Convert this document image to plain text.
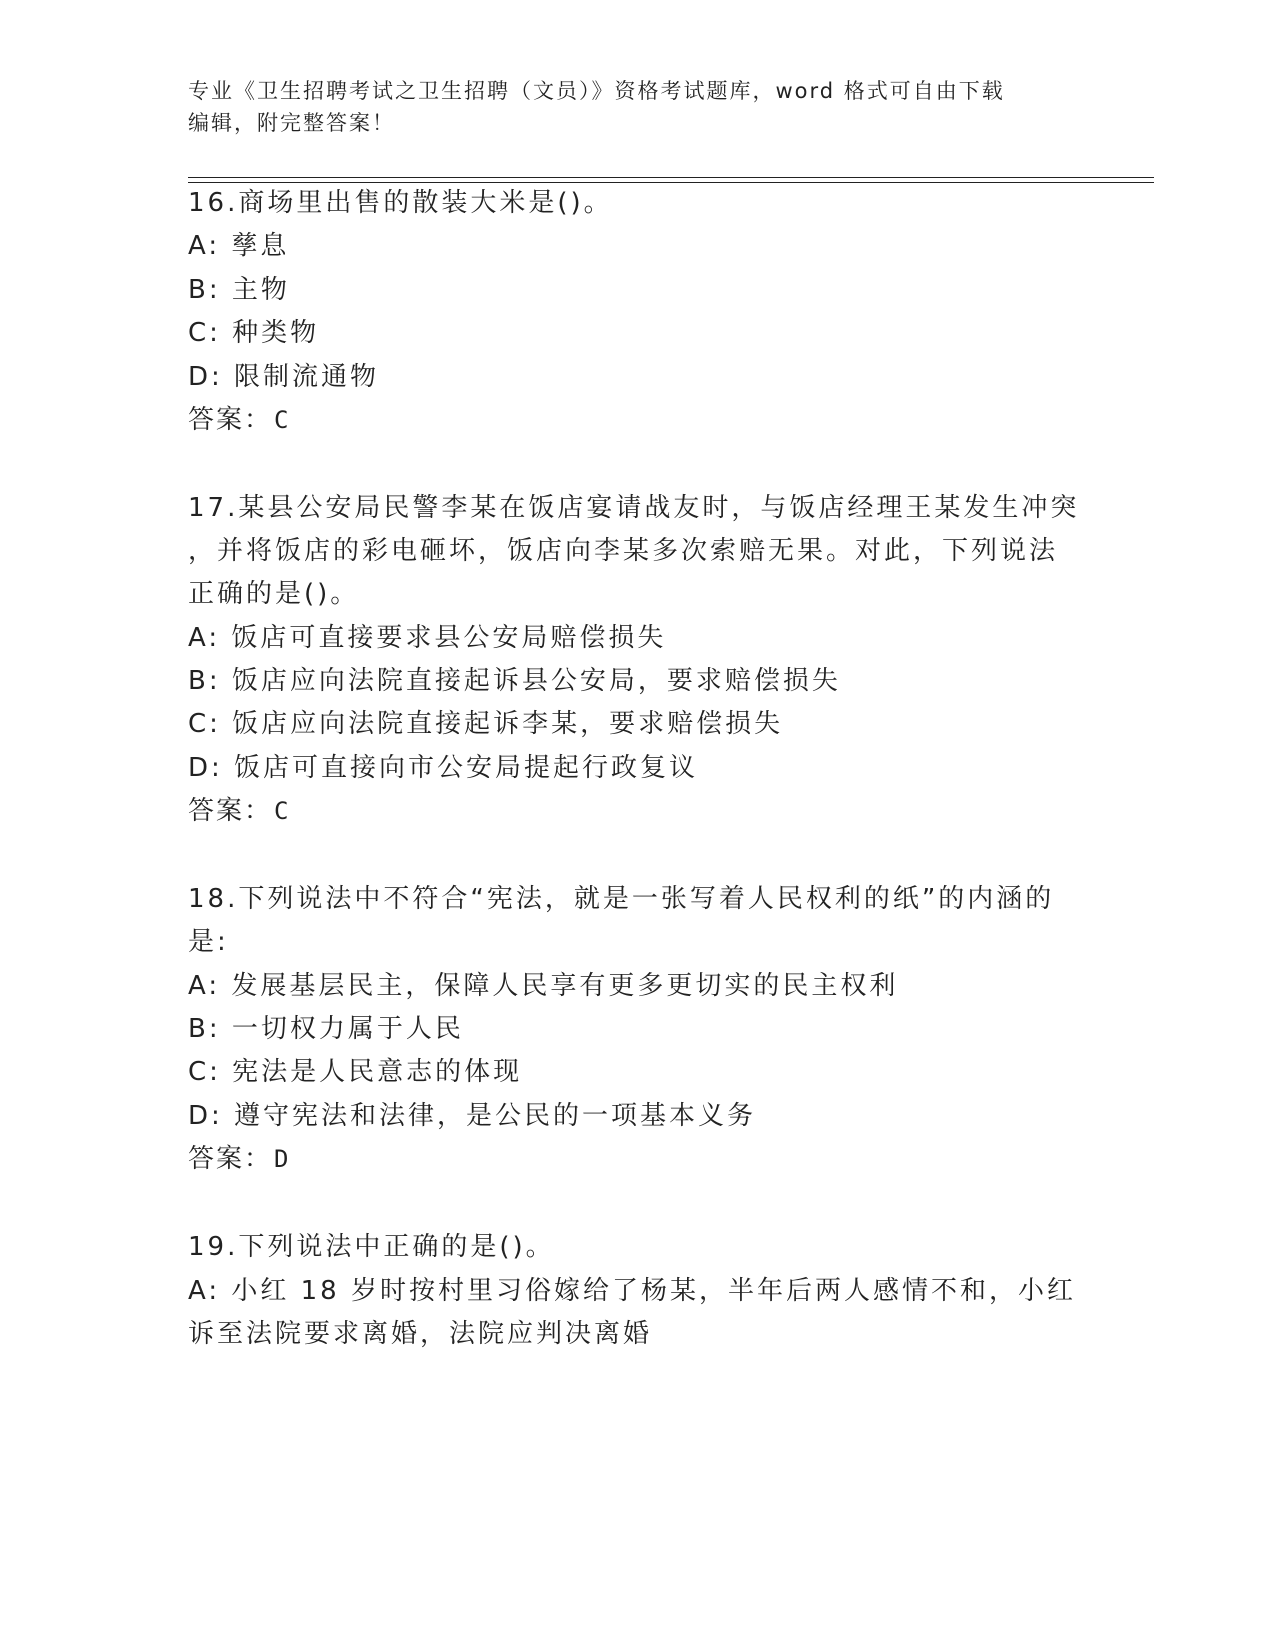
专业《卫生招聘考试之卫生招聘（文员）》资格考试题库，word 格式可自由下载
编辑，附完整答案！
16.商场里出售的散装大米是()。
A: 孳息
B: 主物
C: 种类物
D: 限制流通物
答案：C
17.某县公安局民警李某在饭店宴请战友时，与饭店经理王某发生冲突
，并将饭店的彩电砸坏，饭店向李某多次索赔无果。对此，下列说法
正确的是()。
A: 饭店可直接要求县公安局赔偿损失
B: 饭店应向法院直接起诉县公安局，要求赔偿损失
C: 饭店应向法院直接起诉李某，要求赔偿损失
D: 饭店可直接向市公安局提起行政复议
答案：C
18.下列说法中不符合“宪法，就是一张写着人民权利的纸”的内涵的
是:
A: 发展基层民主，保障人民享有更多更切实的民主权利
B: 一切权力属于人民
C: 宪法是人民意志的体现
D: 遵守宪法和法律，是公民的一项基本义务
答案：D
19.下列说法中正确的是()。
A: 小红 18 岁时按村里习俗嫁给了杨某，半年后两人感情不和，小红
诉至法院要求离婚，法院应判决离婚
